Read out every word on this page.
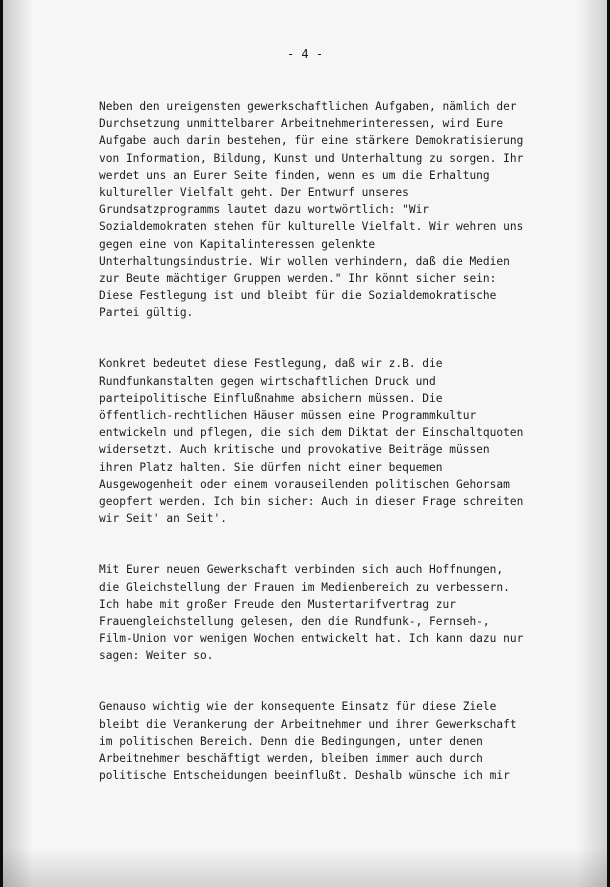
- 4 -
Neben den ureigensten gewerkschaftlichen Aufgaben, nämlich der
Durchsetzung unmittelbarer Arbeitnehmerinteressen, wird Eure
Aufgabe auch darin bestehen, für eine stärkere Demokratisierung
von Information, Bildung, Kunst und Unterhaltung zu sorgen. Ihr
werdet uns an Eurer Seite finden, wenn es um die Erhaltung
kultureller Vielfalt geht. Der Entwurf unseres
Grundsatzprogramms lautet dazu wortwörtlich: "Wir
Sozialdemokraten stehen für kulturelle Vielfalt. Wir wehren uns
gegen eine von Kapitalinteressen gelenkte
Unterhaltungsindustrie. Wir wollen verhindern, daß die Medien
zur Beute mächtiger Gruppen werden." Ihr könnt sicher sein:
Diese Festlegung ist und bleibt für die Sozialdemokratische
Partei gültig.
Konkret bedeutet diese Festlegung, daß wir z.B. die
Rundfunkanstalten gegen wirtschaftlichen Druck und
parteipolitische Einflußnahme absichern müssen. Die
öffentlich-rechtlichen Häuser müssen eine Programmkultur
entwickeln und pflegen, die sich dem Diktat der Einschaltquoten
widersetzt. Auch kritische und provokative Beiträge müssen
ihren Platz halten. Sie dürfen nicht einer bequemen
Ausgewogenheit oder einem vorauseilenden politischen Gehorsam
geopfert werden. Ich bin sicher: Auch in dieser Frage schreiten
wir Seit' an Seit'.
Mit Eurer neuen Gewerkschaft verbinden sich auch Hoffnungen,
die Gleichstellung der Frauen im Medienbereich zu verbessern.
Ich habe mit großer Freude den Mustertarifvertrag zur
Frauengleichstellung gelesen, den die Rundfunk-, Fernseh-,
Film-Union vor wenigen Wochen entwickelt hat. Ich kann dazu nur
sagen: Weiter so.
Genauso wichtig wie der konsequente Einsatz für diese Ziele
bleibt die Verankerung der Arbeitnehmer und ihrer Gewerkschaft
im politischen Bereich. Denn die Bedingungen, unter denen
Arbeitnehmer beschäftigt werden, bleiben immer auch durch
politische Entscheidungen beeinflußt. Deshalb wünsche ich mir
